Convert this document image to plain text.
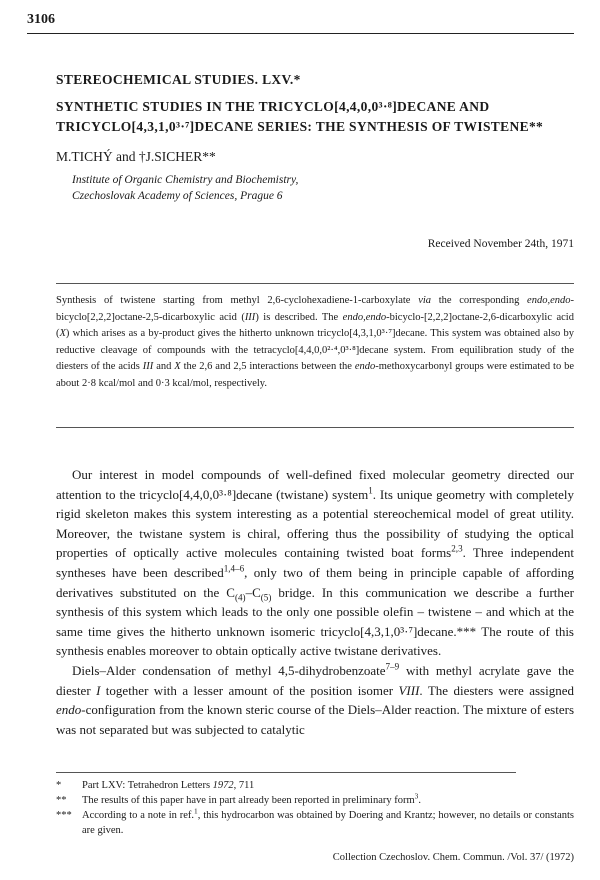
3106
STEREOCHEMICAL STUDIES. LXV.*
SYNTHETIC STUDIES IN THE TRICYCLO[4,4,0,0³·⁸]DECANE AND TRICYCLO[4,3,1,0³·⁷]DECANE SERIES: THE SYNTHESIS OF TWISTENE**
M.TICHÝ and †J.SICHER**
Institute of Organic Chemistry and Biochemistry,
Czechoslovak Academy of Sciences, Prague 6
Received November 24th, 1971

Synthesis of twistene starting from methyl 2,6-cyclohexadiene-1-carboxylate via the corresponding endo,endo-bicyclo[2,2,2]octane-2,5-dicarboxylic acid (III) is described. The endo,endo-bicyclo-[2,2,2]octane-2,6-dicarboxylic acid (X) which arises as a by-product gives the hitherto unknown tricyclo[4,3,1,0³·⁷]decane. This system was obtained also by reductive cleavage of compounds with the tetracyclo[4,4,0,0²·⁴,0³·⁸]decane system. From equilibration study of the diesters of the acids III and X the 2,6 and 2,5 interactions between the endo-methoxycarbonyl groups were estimated to be about 2·8 kcal/mol and 0·3 kcal/mol, respectively.

Our interest in model compounds of well-defined fixed molecular geometry directed our attention to the tricyclo[4,4,0,0³·⁸]decane (twistane) system$^1$. Its unique geometry with completely rigid skeleton makes this system interesting as a potential stereochemical model of great utility. Moreover, the twistane system is chiral, offering thus the possibility of studying the optical properties of optically active molecules containing twisted boat forms$^{2,3}$. Three independent syntheses have been described$^{1,4-6}$, only two of them being in principle capable of affording derivatives substituted on the $C_{(4)}-C_{(5)}$ bridge. In this communication we describe a further synthesis of this system which leads to the only one possible olefin – twistene – and which at the same time gives the hitherto unknown isomeric tricyclo[4,3,1,0³·⁷]decane.*** The route of this synthesis enables moreover to obtain optically active twistane derivatives.

Diels–Alder condensation of methyl 4,5-dihydrobenzoate$^{7-9}$ with methyl acrylate gave the diester I together with a lesser amount of the position isomer VIII. The diesters were assigned endo-configuration from the known steric course of the Diels–Alder reaction. The mixture of esters was not separated but was subjected to catalytic

*	Part LXV: Tetrahedron Letters 1972, 711
**	The results of this paper have in part already been reported in preliminary form$^3$.
*** According to a note in ref.$^1$, this hydrocarbon was obtained by Doering and Krantz; however, no details or constants are given.
Collection Czechoslov. Chem. Commun. /Vol. 37/ (1972)
